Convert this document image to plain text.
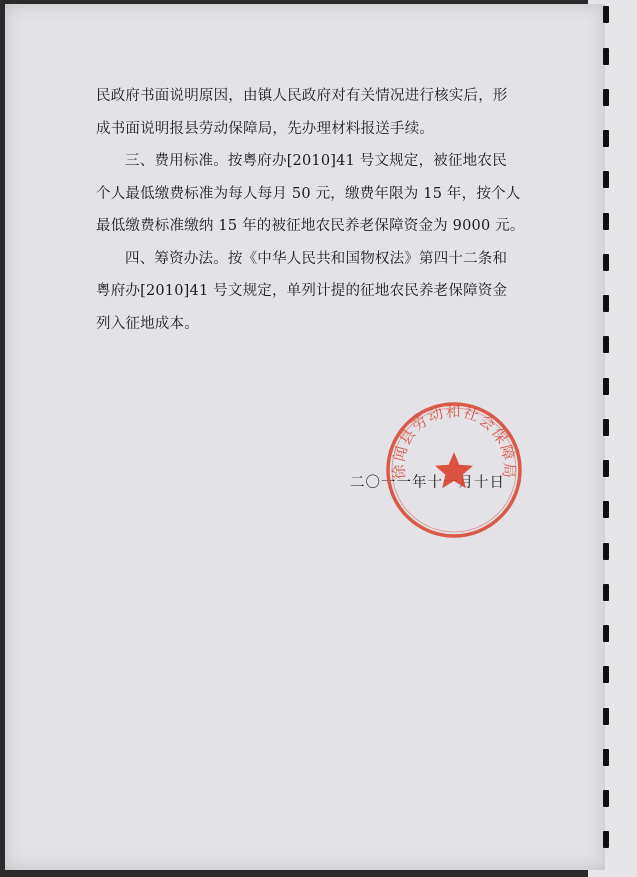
民政府书面说明原因，由镇人民政府对有关情况进行核实后，形
成书面说明报县劳动保障局，先办理材料报送手续。

三、费用标准。按粤府办[2010]41 号文规定，被征地农民
个人最低缴费标准为每人每月 50 元，缴费年限为 15 年，按个人
最低缴费标准缴纳 15 年的被征地农民养老保障资金为 9000 元。

四、筹资办法。按《中华人民共和国物权法》第四十二条和
粤府办[2010]41 号文规定，单列计提的征地农民养老保障资金
列入征地成本。

二〇一一年十一月十日
徐闻县劳动和社会保障局
